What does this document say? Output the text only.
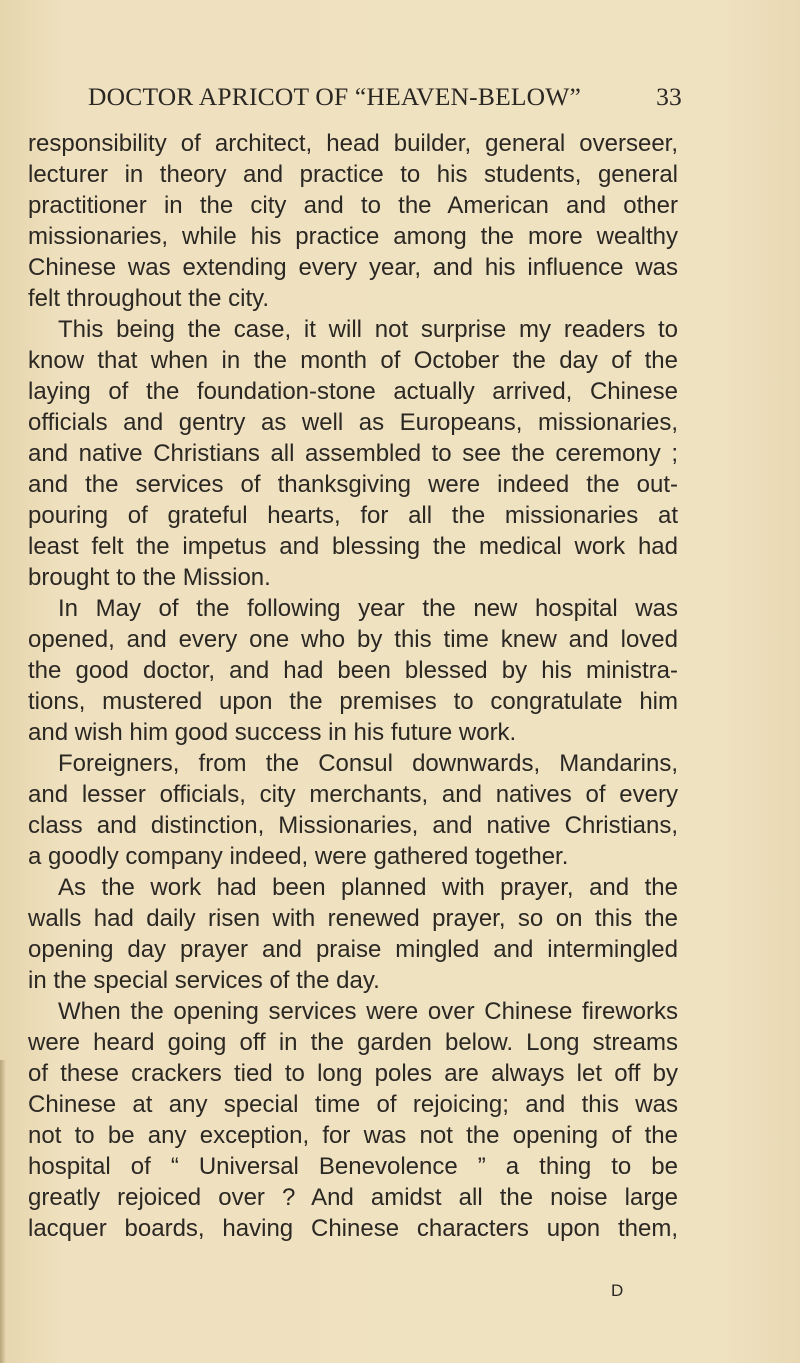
DOCTOR APRICOT OF “HEAVEN-BELOW”	33
responsibility of architect, head builder, general overseer,
lecturer in theory and practice to his students, general
practitioner in the city and to the American and other
missionaries, while his practice among the more wealthy
Chinese was extending every year, and his influence was
felt throughout the city.
This being the case, it will not surprise my readers to
know that when in the month of October the day of the
laying of the foundation-stone actually arrived, Chinese
officials and gentry as well as Europeans, missionaries,
and native Christians all assembled to see the ceremony ;
and the services of thanksgiving were indeed the out-
pouring of grateful hearts, for all the missionaries at
least felt the impetus and blessing the medical work had
brought to the Mission.
In May of the following year the new hospital was
opened, and every one who by this time knew and loved
the good doctor, and had been blessed by his ministra-
tions, mustered upon the premises to congratulate him
and wish him good success in his future work.
Foreigners, from the Consul downwards, Mandarins,
and lesser officials, city merchants, and natives of every
class and distinction, Missionaries, and native Christians,
a goodly company indeed, were gathered together.
As the work had been planned with prayer, and the
walls had daily risen with renewed prayer, so on this the
opening day prayer and praise mingled and intermingled
in the special services of the day.
When the opening services were over Chinese fireworks
were heard going off in the garden below. Long streams
of these crackers tied to long poles are always let off by
Chinese at any special time of rejoicing; and this was
not to be any exception, for was not the opening of the
hospital of “ Universal Benevolence ” a thing to be
greatly rejoiced over ? And amidst all the noise large
lacquer boards, having Chinese characters upon them,
D
